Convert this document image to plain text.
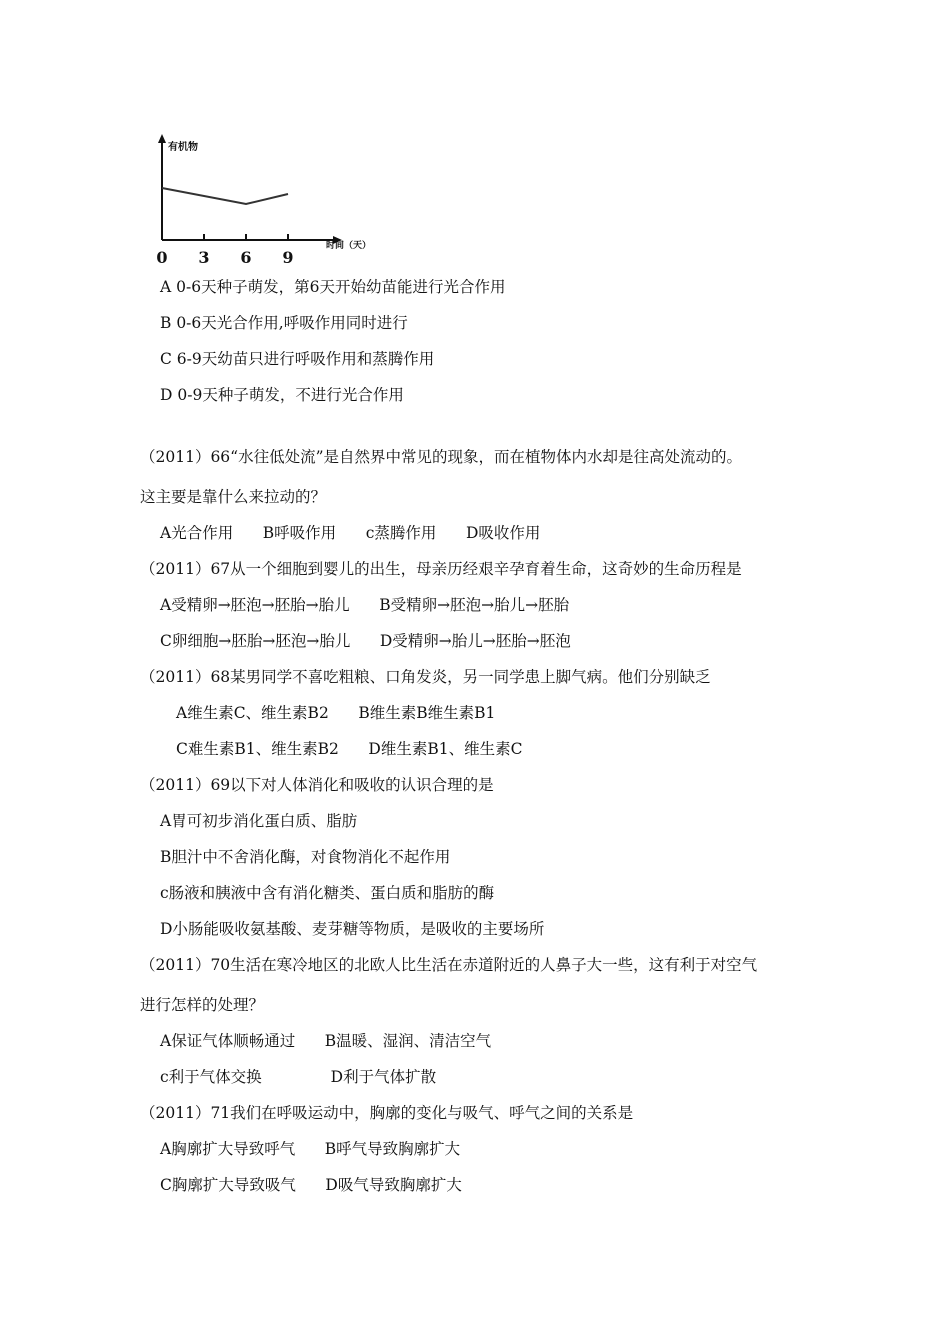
有机物
时间（天）
0 3 6 9
A 0-6天种子萌发，第6天开始幼苗能进行光合作用
B 0-6天光合作用,呼吸作用同时进行
C 6-9天幼苗只进行呼吸作用和蒸腾作用
D 0-9天种子萌发，不进行光合作用
（2011）66“水往低处流”是自然界中常见的现象，而在植物体内水却是往高处流动的。
这主要是靠什么来拉动的？
A光合作用      B呼吸作用      c蒸腾作用      D吸收作用
（2011）67从一个细胞到婴儿的出生，母亲历经艰辛孕育着生命，这奇妙的生命历程是
A受精卵→胚泡→胚胎→胎儿      B受精卵→胚泡→胎儿→胚胎
C卵细胞→胚胎→胚泡→胎儿      D受精卵→胎儿→胚胎→胚泡
（2011）68某男同学不喜吃粗粮、口角发炎，另一同学患上脚气病。他们分别缺乏
A维生素C、维生素B2      B维生素B维生素B1
C难生素B1、维生素B2      D维生素B1、维生素C
（2011）69以下对人体消化和吸收的认识合理的是
A胃可初步消化蛋白质、脂肪
B胆汁中不舍消化酶，对食物消化不起作用
c肠液和胰液中含有消化糖类、蛋白质和脂肪的酶
D小肠能吸收氨基酸、麦芽糖等物质，是吸收的主要场所
（2011）70生活在寒冷地区的北欧人比生活在赤道附近的人鼻子大一些，这有利于对空气
进行怎样的处理？
A保证气体顺畅通过      B温暖、湿润、清洁空气
c利于气体交换              D利于气体扩散
（2011）71我们在呼吸运动中，胸廓的变化与吸气、呼气之间的关系是
A胸廓扩大导致呼气      B呼气导致胸廓扩大
C胸廓扩大导致吸气      D吸气导致胸廓扩大
